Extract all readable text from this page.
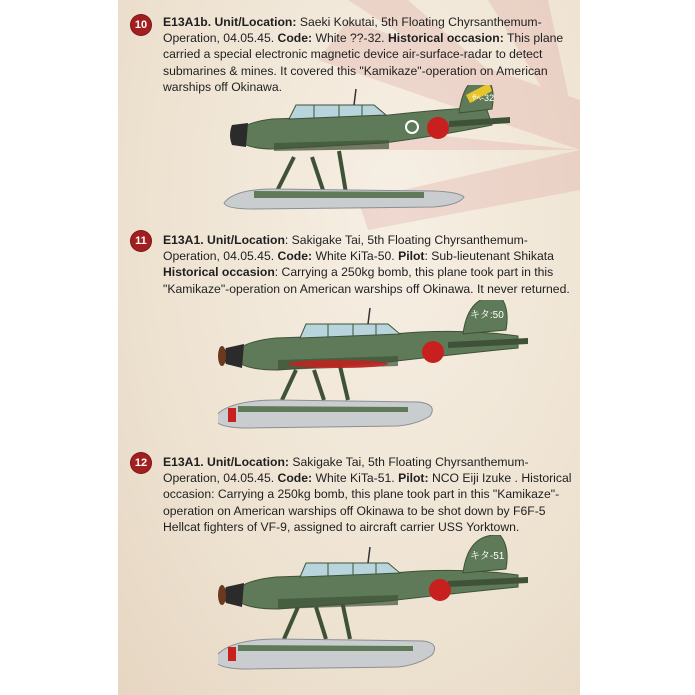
10	E13A1b. Unit/Location: Saeki Kokutai, 5th Floating Chyrsanthemum-Operation, 04.05.45. Code: White ??-32. Historical occasion: This plane carried a special electronic magnetic device air-surface-radar to detect submarines & mines. It covered this "Kamikaze"-operation on American warships off Okinawa.
ｻﾍ-32
11	E13A1. Unit/Location: Sakigake Tai, 5th Floating Chyrsanthemum-Operation, 04.05.45. Code: White KiTa-50. Pilot: Sub-lieutenant Shikata Historical occasion: Carrying a 250kg bomb, this plane took part in this "Kamikaze"-operation on American warships off Okinawa. It never returned.
キタ:50
12	E13A1. Unit/Location: Sakigake Tai, 5th Floating Chyrsanthemum-Operation, 04.05.45. Code: White KiTa-51. Pilot: NCO Eiji Izuke . Historical occasion: Carrying a 250kg bomb, this plane took part in this "Kamikaze"-operation on American warships off Okinawa to be shot down by F6F-5 Hellcat fighters of VF-9, assigned to aircraft carrier USS Yorktown.
キタ-51
